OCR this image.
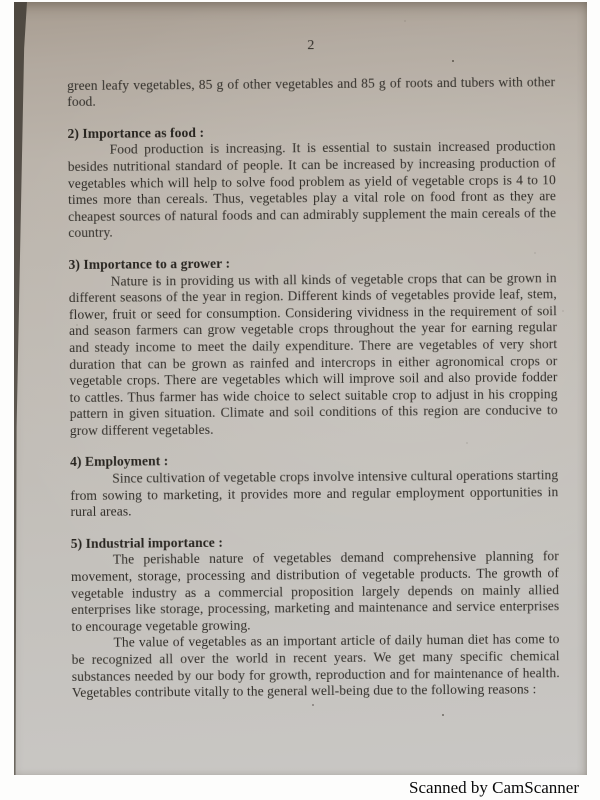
2

green leafy vegetables, 85 g of other vegetables and 85 g of roots and tubers with other food.

2) Importance as food :

Food production is increasing. It is essential to sustain increased production besides nutritional standard of people. It can be increased by increasing production of vegetables which will help to solve food problem as yield of vegetable crops is 4 to 10 times more than cereals. Thus, vegetables play a vital role on food front as they are cheapest sources of natural foods and can admirably supplement the main cereals of the country.

3) Importance to a grower :

Nature is in providing us with all kinds of vegetable crops that can be grown in different seasons of the year in region. Different kinds of vegetables provide leaf, stem, flower, fruit or seed for consumption. Considering vividness in the requirement of soil and season farmers can grow vegetable crops throughout the year for earning regular and steady income to meet the daily expenditure. There are vegetables of very short duration that can be grown as rainfed and intercrops in either agronomical crops or vegetable crops. There are vegetables which will improve soil and also provide fodder to cattles. Thus farmer has wide choice to select suitable crop to adjust in his cropping pattern in given situation. Climate and soil conditions of this region are conducive to grow different vegetables.

4) Employment :

Since cultivation of vegetable crops involve intensive cultural operations starting from sowing to marketing, it provides more and regular employment opportunities in rural areas.

5) Industrial importance :

The perishable nature of vegetables demand comprehensive planning for movement, storage, processing and distribution of vegetable products. The growth of vegetable industry as a commercial proposition largely depends on mainly allied enterprises like storage, processing, marketing and maintenance and service enterprises to encourage vegetable growing.

The value of vegetables as an important article of daily human diet has come to be recognized all over the world in recent years. We get many specific chemical substances needed by our body for growth, reproduction and for maintenance of health. Vegetables contribute vitally to the general well-being due to the following reasons :

Scanned by CamScanner
